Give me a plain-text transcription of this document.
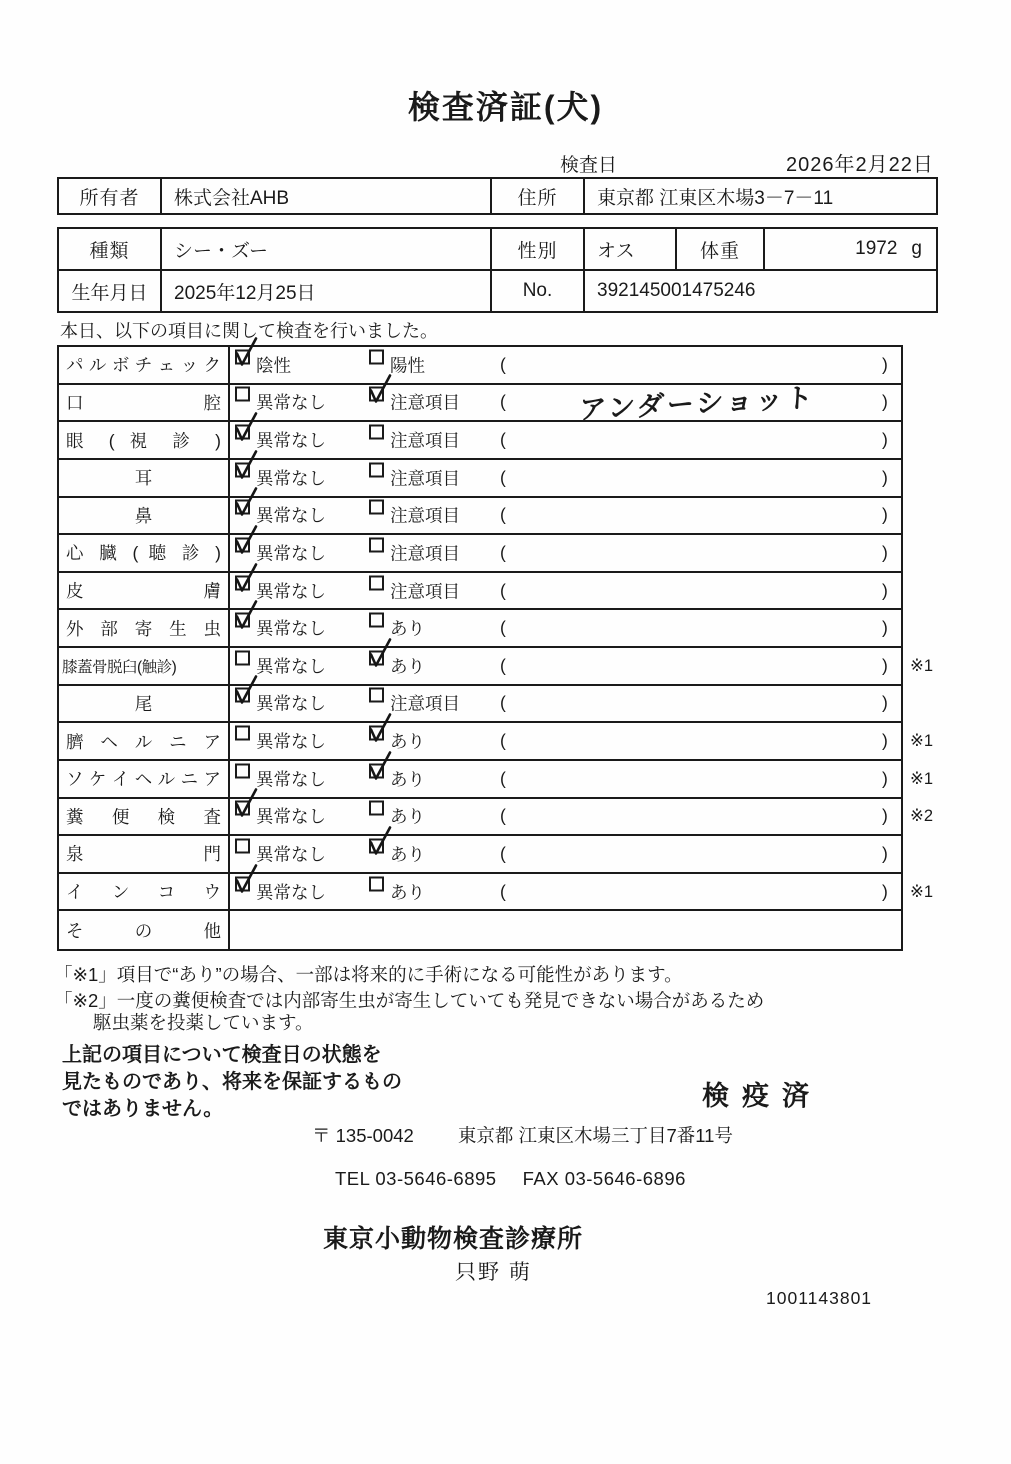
検査済証(犬)
検査日	2026年2月22日
所有者	株式会社AHB	住所	東京都 江東区木場3－7－11
種類	シー・ズー	性別	オス	体重	1972 g
生年月日	2025年12月25日	No.	392145001475246
本日、以下の項目に関して検査を行いました。
パ ル ボ チ ェ ッ ク 陰性	陽性	(	)
口 腔 異常なし	注意項目 (	アンダーショット	)
眼 ( 視 診 ) 異常なし	注意項目 (	)
耳	異常なし	注意項目 (	)
鼻	異常なし	注意項目 (	)
心 臓 ( 聴 診 ) 異常なし	注意項目 (	)
皮 膚 異常なし	注意項目 (	)
外 部 寄 生 虫 異常なし	あり	(	)
膝蓋骨脱臼(触診)	異常なし	あり	(	) ※1
尾	異常なし	注意項目 (	)
臍 ヘ ル ニ ア 異常なし	あり	(	) ※1
ソ ケ イ ヘ ル ニ ア 異常なし	あり	(	) ※1
糞 便 検 査 異常なし	あり	(	) ※2
泉 門 異常なし	あり	(	)
イ ン コ ウ 異常なし	あり	(	) ※1
そ の 他
「※1」項目で“あり”の場合、一部は将来的に手術になる可能性があります。
「※2」一度の糞便検査では内部寄生虫が寄生していても発見できない場合があるため
駆虫薬を投薬しています。
上記の項目について検査日の状態を
見たものであり、将来を保証するもの
ではありません。	検疫済
〒 135-0042 東京都 江東区木場三丁目7番11号
TEL 03-5646-6895 FAX 03-5646-6896
東京小動物検査診療所
只野 萌
1001143801
